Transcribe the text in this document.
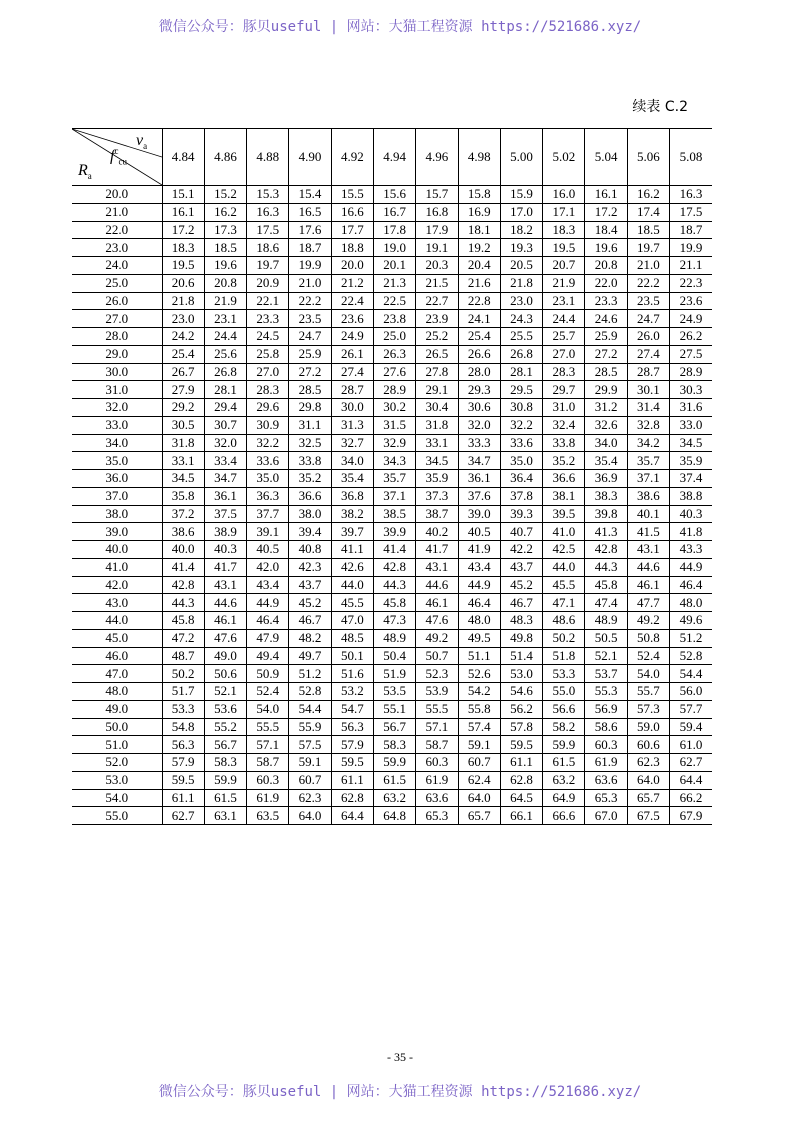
微信公众号：豚贝useful | 网站：大猫工程资源 https://521686.xyz/
续表 C.2
$v_a$
$f^c_{cu}$
$R_a$	4.84	4.86	4.88	4.90	4.92	4.94	4.96	4.98	5.00	5.02	5.04	5.06	5.08
20.0	15.1	15.2	15.3	15.4	15.5	15.6	15.7	15.8	15.9	16.0	16.1	16.2	16.3
21.0	16.1	16.2	16.3	16.5	16.6	16.7	16.8	16.9	17.0	17.1	17.2	17.4	17.5
22.0	17.2	17.3	17.5	17.6	17.7	17.8	17.9	18.1	18.2	18.3	18.4	18.5	18.7
23.0	18.3	18.5	18.6	18.7	18.8	19.0	19.1	19.2	19.3	19.5	19.6	19.7	19.9
24.0	19.5	19.6	19.7	19.9	20.0	20.1	20.3	20.4	20.5	20.7	20.8	21.0	21.1
25.0	20.6	20.8	20.9	21.0	21.2	21.3	21.5	21.6	21.8	21.9	22.0	22.2	22.3
26.0	21.8	21.9	22.1	22.2	22.4	22.5	22.7	22.8	23.0	23.1	23.3	23.5	23.6
27.0	23.0	23.1	23.3	23.5	23.6	23.8	23.9	24.1	24.3	24.4	24.6	24.7	24.9
28.0	24.2	24.4	24.5	24.7	24.9	25.0	25.2	25.4	25.5	25.7	25.9	26.0	26.2
29.0	25.4	25.6	25.8	25.9	26.1	26.3	26.5	26.6	26.8	27.0	27.2	27.4	27.5
30.0	26.7	26.8	27.0	27.2	27.4	27.6	27.8	28.0	28.1	28.3	28.5	28.7	28.9
31.0	27.9	28.1	28.3	28.5	28.7	28.9	29.1	29.3	29.5	29.7	29.9	30.1	30.3
32.0	29.2	29.4	29.6	29.8	30.0	30.2	30.4	30.6	30.8	31.0	31.2	31.4	31.6
33.0	30.5	30.7	30.9	31.1	31.3	31.5	31.8	32.0	32.2	32.4	32.6	32.8	33.0
34.0	31.8	32.0	32.2	32.5	32.7	32.9	33.1	33.3	33.6	33.8	34.0	34.2	34.5
35.0	33.1	33.4	33.6	33.8	34.0	34.3	34.5	34.7	35.0	35.2	35.4	35.7	35.9
36.0	34.5	34.7	35.0	35.2	35.4	35.7	35.9	36.1	36.4	36.6	36.9	37.1	37.4
37.0	35.8	36.1	36.3	36.6	36.8	37.1	37.3	37.6	37.8	38.1	38.3	38.6	38.8
38.0	37.2	37.5	37.7	38.0	38.2	38.5	38.7	39.0	39.3	39.5	39.8	40.1	40.3
39.0	38.6	38.9	39.1	39.4	39.7	39.9	40.2	40.5	40.7	41.0	41.3	41.5	41.8
40.0	40.0	40.3	40.5	40.8	41.1	41.4	41.7	41.9	42.2	42.5	42.8	43.1	43.3
41.0	41.4	41.7	42.0	42.3	42.6	42.8	43.1	43.4	43.7	44.0	44.3	44.6	44.9
42.0	42.8	43.1	43.4	43.7	44.0	44.3	44.6	44.9	45.2	45.5	45.8	46.1	46.4
43.0	44.3	44.6	44.9	45.2	45.5	45.8	46.1	46.4	46.7	47.1	47.4	47.7	48.0
44.0	45.8	46.1	46.4	46.7	47.0	47.3	47.6	48.0	48.3	48.6	48.9	49.2	49.6
45.0	47.2	47.6	47.9	48.2	48.5	48.9	49.2	49.5	49.8	50.2	50.5	50.8	51.2
46.0	48.7	49.0	49.4	49.7	50.1	50.4	50.7	51.1	51.4	51.8	52.1	52.4	52.8
47.0	50.2	50.6	50.9	51.2	51.6	51.9	52.3	52.6	53.0	53.3	53.7	54.0	54.4
48.0	51.7	52.1	52.4	52.8	53.2	53.5	53.9	54.2	54.6	55.0	55.3	55.7	56.0
49.0	53.3	53.6	54.0	54.4	54.7	55.1	55.5	55.8	56.2	56.6	56.9	57.3	57.7
50.0	54.8	55.2	55.5	55.9	56.3	56.7	57.1	57.4	57.8	58.2	58.6	59.0	59.4
51.0	56.3	56.7	57.1	57.5	57.9	58.3	58.7	59.1	59.5	59.9	60.3	60.6	61.0
52.0	57.9	58.3	58.7	59.1	59.5	59.9	60.3	60.7	61.1	61.5	61.9	62.3	62.7
53.0	59.5	59.9	60.3	60.7	61.1	61.5	61.9	62.4	62.8	63.2	63.6	64.0	64.4
54.0	61.1	61.5	61.9	62.3	62.8	63.2	63.6	64.0	64.5	64.9	65.3	65.7	66.2
55.0	62.7	63.1	63.5	64.0	64.4	64.8	65.3	65.7	66.1	66.6	67.0	67.5	67.9
- 35 -
微信公众号：豚贝useful | 网站：大猫工程资源 https://521686.xyz/
